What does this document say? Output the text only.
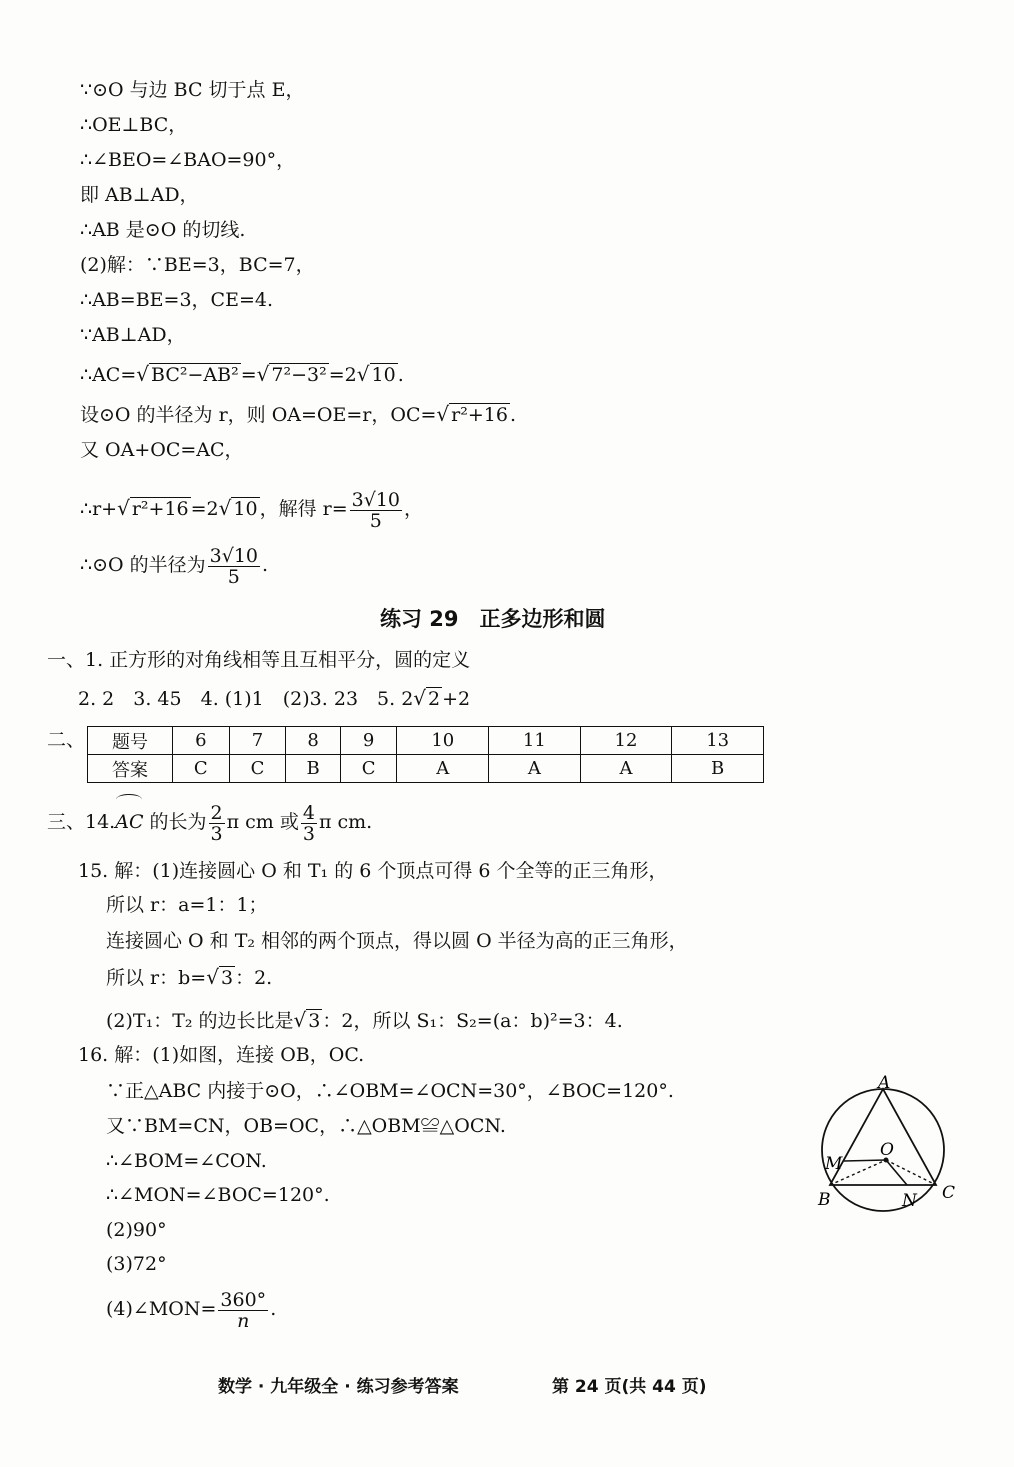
∵⊙O 与边 BC 切于点 E，
∴OE⊥BC，
∴∠BEO=∠BAO=90°，
即 AB⊥AD，
∴AB 是⊙O 的切线.
(2)解：∵BE=3，BC=7，
∴AB=BE=3，CE=4.
∵AB⊥AD，
∴AC=√ BC²−AB² =√ 7²−3² =2√ 10 .
设⊙O 的半径为 r，则 OA=OE=r，OC=√ r²+16 .
又 OA+OC=AC，
∴r+√ r²+16 =2√ 10 ，解得 $r= \frac{3√10}{5}$ ，
∴⊙O 的半径为 $\frac{3√10}{5}$ .
练习 29　正多边形和圆
一、1. 正方形的对角线相等且互相平分，圆的定义
2. 2　3. 45　4. (1)1　(2)3. 23　5. 2√ 2 +2
二、 题号	6	7	8	9	10	11	12	13
答案	C	C	B	C	A	A	A	B
三、14.AC 的长为 $\frac{2}{3}$ π cm 或 $\frac{4}{3}$ π cm.
15. 解：(1)连接圆心 O 和 T₁ 的 6 个顶点可得 6 个全等的正三角形，
所以 r：a=1：1；
连接圆心 O 和 T₂ 相邻的两个顶点，得以圆 O 半径为高的正三角形，
所以 r：b=√ 3 ：2.
(2)T₁：T₂ 的边长比是√ 3 ：2，所以 S₁：S₂=(a：b)²=3：4.
16. 解：(1)如图，连接 OB，OC.
∵正△ABC 内接于⊙O，∴∠OBM=∠OCN=30°，∠BOC=120°.
又∵BM=CN，OB=OC，∴△OBM≌△OCN.
∴∠BOM=∠CON.
∴∠MON=∠BOC=120°.
(2)90°
(3)72°
(4)∠MON= $\frac{360^\circ}{n}$ .
A
O
M
B	N C
数学 · 九年级全 · 练习参考答案	第 24 页(共 44 页)
